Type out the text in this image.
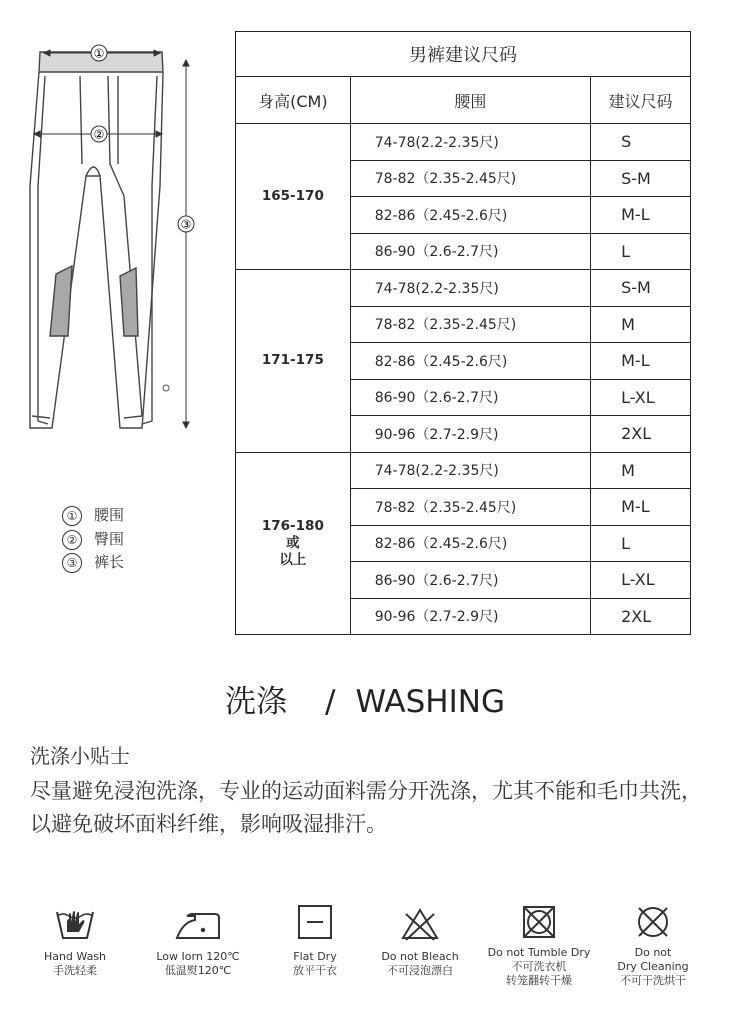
①
②
③
① 腰围
② 臀围
③ 裤长
男裤建议尺码		
身高(CM)	腰围	建议尺码

165-170	74-78(2.2-2.35尺)	S
	78-82（2.35-2.45尺)	S-M
	82-86（2.45-2.6尺)	M-L
	86-90（2.6-2.7尺)	L

171-175	74-78(2.2-2.35尺)	S-M
	78-82（2.35-2.45尺)	M
	82-86（2.45-2.6尺)	M-L
	86-90（2.6-2.7尺)	L-XL
	90-96（2.7-2.9尺)	2XL

176-180
或
以上	74-78(2.2-2.35尺)	M
	78-82（2.35-2.45尺)	M-L
	82-86（2.45-2.6尺)	L
	86-90（2.6-2.7尺)	L-XL
	90-96（2.7-2.9尺)	2XL
洗涤 / WASHING
洗涤小贴士
尽量避免浸泡洗涤，专业的运动面料需分开洗涤，尤其不能和毛巾共洗，以避免破坏面料纤维，影响吸湿排汗。
Hand Wash
手洗轻柔
Low Iorn 120℃
低温熨120℃
Flat Dry
放平干衣
Do not Bleach
不可浸泡漂白
Do not Tumble Dry
不可洗衣机
转笼翻转干燥
Do not
Dry Cleaning
不可干洗烘干
